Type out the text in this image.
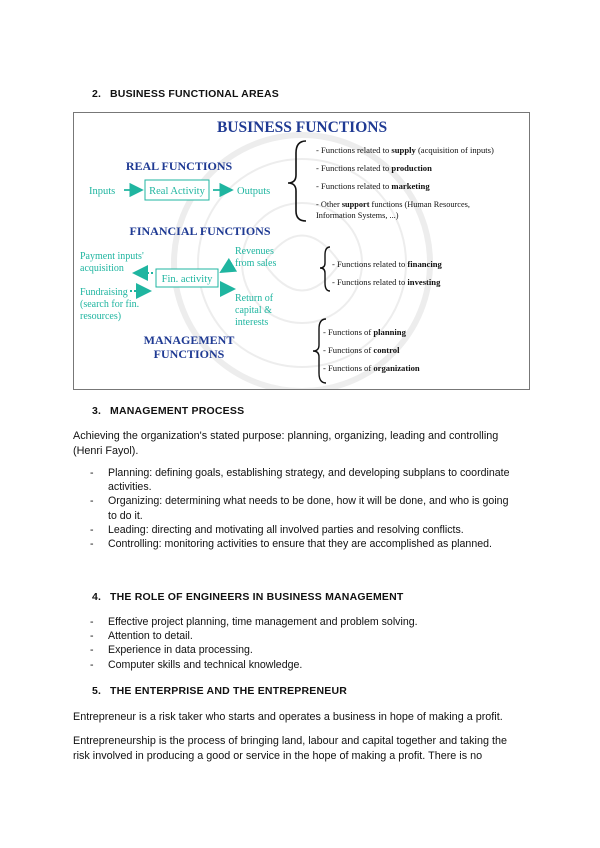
2. BUSINESS FUNCTIONAL AREAS
BUSINESS FUNCTIONS
REAL FUNCTIONS
Inputs	Real Activity	Outputs
- Functions related to supply (acquisition of inputs)
- Functions related to production
- Functions related to marketing
- Other support functions (Human Resources,
Information Systems, ...)
FINANCIAL FUNCTIONS
Payment inputs' acquisition
Fin. activity
Revenues from sales
Fundraising (search for fin. resources)
Return of capital & interests
- Functions related to financing
- Functions related to investing
MANAGEMENT FUNCTIONS
- Functions of planning
- Functions of control
- Functions of organization
3. MANAGEMENT PROCESS
Achieving the organization's stated purpose: planning, organizing, leading and controlling (Henri Fayol).
- Planning: defining goals, establishing strategy, and developing subplans to coordinate activities.
- Organizing: determining what needs to be done, how it will be done, and who is going to do it.
- Leading: directing and motivating all involved parties and resolving conflicts.
- Controlling: monitoring activities to ensure that they are accomplished as planned.
4. THE ROLE OF ENGINEERS IN BUSINESS MANAGEMENT
- Effective project planning, time management and problem solving.
- Attention to detail.
- Experience in data processing.
- Computer skills and technical knowledge.
5. THE ENTERPRISE AND THE ENTREPRENEUR
Entrepreneur is a risk taker who starts and operates a business in hope of making a profit.
Entrepreneurship is the process of bringing land, labour and capital together and taking the risk involved in producing a good or service in the hope of making a profit. There is no
